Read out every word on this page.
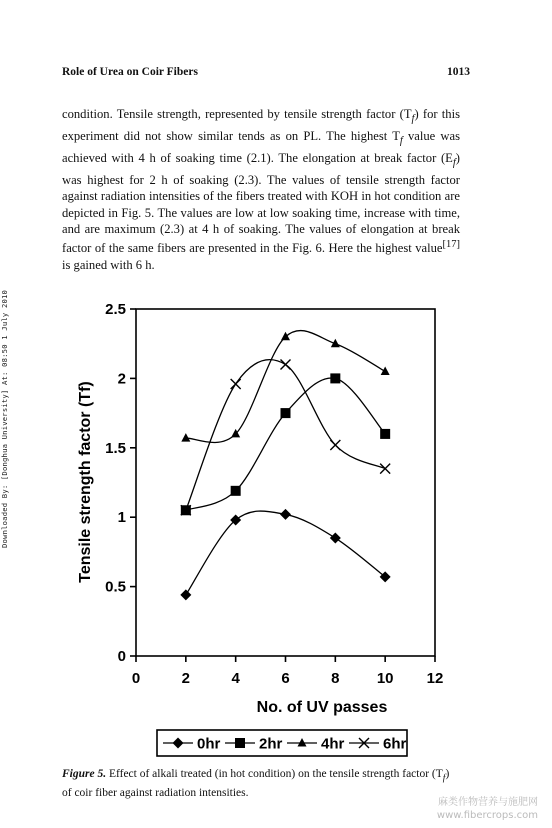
Role of Urea on Coir Fibers	1013
condition. Tensile strength, represented by tensile strength factor $(T_f)$ for this experiment did not show similar tends as on PL. The highest $T_f$ value was achieved with 4 h of soaking time (2.1). The elongation at break factor $(E_f)$ was highest for 2 h of soaking (2.3). The values of tensile strength factor against radiation intensities of the fibers treated with KOH in hot condition are depicted in Fig. 5. The values are low at low soaking time, increase with time, and are maximum (2.3) at 4 h of soaking. The values of elongation at break factor of the same fibers are presented in the Fig. 6. Here the highest value[17] is gained with 6 h.
Downloaded By: [Donghua University] At: 08:50 1 July 2010
0
0.5
1
1.5
2
2.5
0	2	4	6	8 10 12
No. of UV passes
Tensile strength factor (Tf)
0hr	2hr	4hr	6hr
Figure 5. Effect of alkali treated (in hot condition) on the tensile strength factor $(T_f)$ of coir fiber against radiation intensities.
麻类作物营养与施肥网
www.fibercrops.com
